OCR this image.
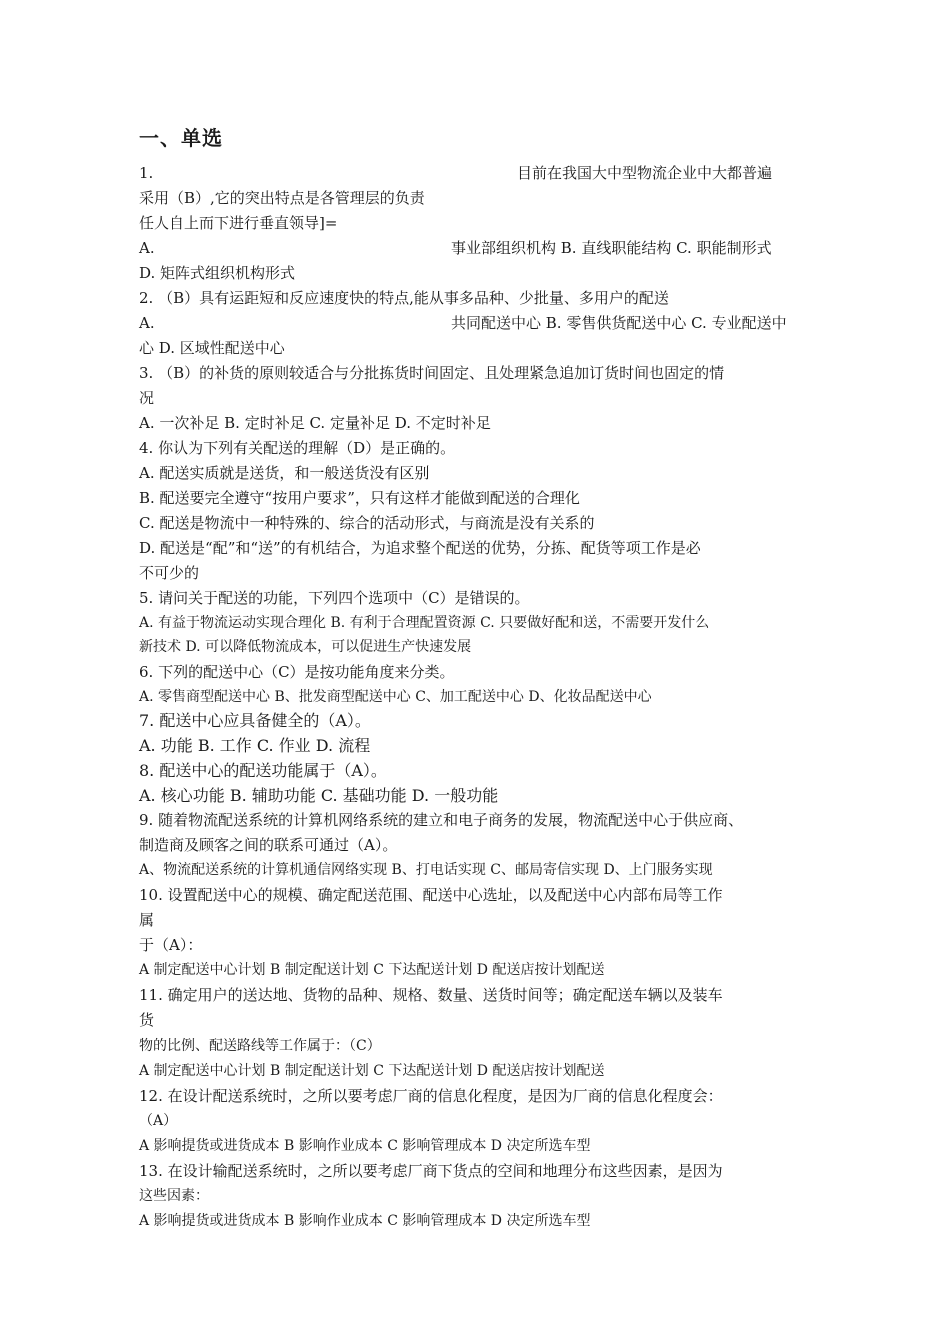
一、单选
1.	目前在我国大中型物流企业中大都普遍
采用（B）,它的突出特点是各管理层的负责
任人自上而下进行垂直领导]=
A.	事业部组织机构 B. 直线职能结构 C. 职能制形式
D. 矩阵式组织机构形式
2. （B）具有运距短和反应速度快的特点,能从事多品种、少批量、多用户的配送
A.	共同配送中心 B. 零售供货配送中心 C. 专业配送中
心 D. 区域性配送中心
3. （B）的补货的原则较适合与分批拣货时间固定、且处理紧急追加订货时间也固定的情
况
A. 一次补足 B. 定时补足 C. 定量补足 D. 不定时补足
4. 你认为下列有关配送的理解（D）是正确的。
A. 配送实质就是送货，和一般送货没有区别
B. 配送要完全遵守“按用户要求”，只有这样才能做到配送的合理化
C. 配送是物流中一种特殊的、综合的活动形式，与商流是没有关系的
D. 配送是“配”和“送”的有机结合，为追求整个配送的优势，分拣、配货等项工作是必
不可少的
5. 请问关于配送的功能，下列四个选项中（C）是错误的。
A. 有益于物流运动实现合理化 B. 有利于合理配置资源 C. 只要做好配和送，不需要开发什么
新技术 D. 可以降低物流成本，可以促进生产快速发展
6. 下列的配送中心（C）是按功能角度来分类。
A. 零售商型配送中心 B、批发商型配送中心 C、加工配送中心 D、化妆品配送中心
7. 配送中心应具备健全的（A）。
A. 功能 B. 工作 C. 作业 D. 流程
8. 配送中心的配送功能属于（A）。
A. 核心功能 B. 辅助功能 C. 基础功能 D. 一般功能
9. 随着物流配送系统的计算机网络系统的建立和电子商务的发展，物流配送中心于供应商、
制造商及顾客之间的联系可通过（A）。
A、物流配送系统的计算机通信网络实现 B、打电话实现 C、邮局寄信实现 D、上门服务实现
10. 设置配送中心的规模、确定配送范围、配送中心选址，以及配送中心内部布局等工作
属
于（A）：
A 制定配送中心计划 B 制定配送计划 C 下达配送计划 D 配送店按计划配送
11. 确定用户的送达地、货物的品种、规格、数量、送货时间等；确定配送车辆以及装车
货
物的比例、配送路线等工作属于：（C）
A 制定配送中心计划 B 制定配送计划 C 下达配送计划 D 配送店按计划配送
12. 在设计配送系统时，之所以要考虑厂商的信息化程度，是因为厂商的信息化程度会：
（A）
A 影响提货或进货成本 B 影响作业成本 C 影响管理成本 D 决定所选车型
13. 在设计输配送系统时，之所以要考虑厂商下货点的空间和地理分布这些因素，是因为
这些因素：
A 影响提货或进货成本 B 影响作业成本 C 影响管理成本 D 决定所选车型
